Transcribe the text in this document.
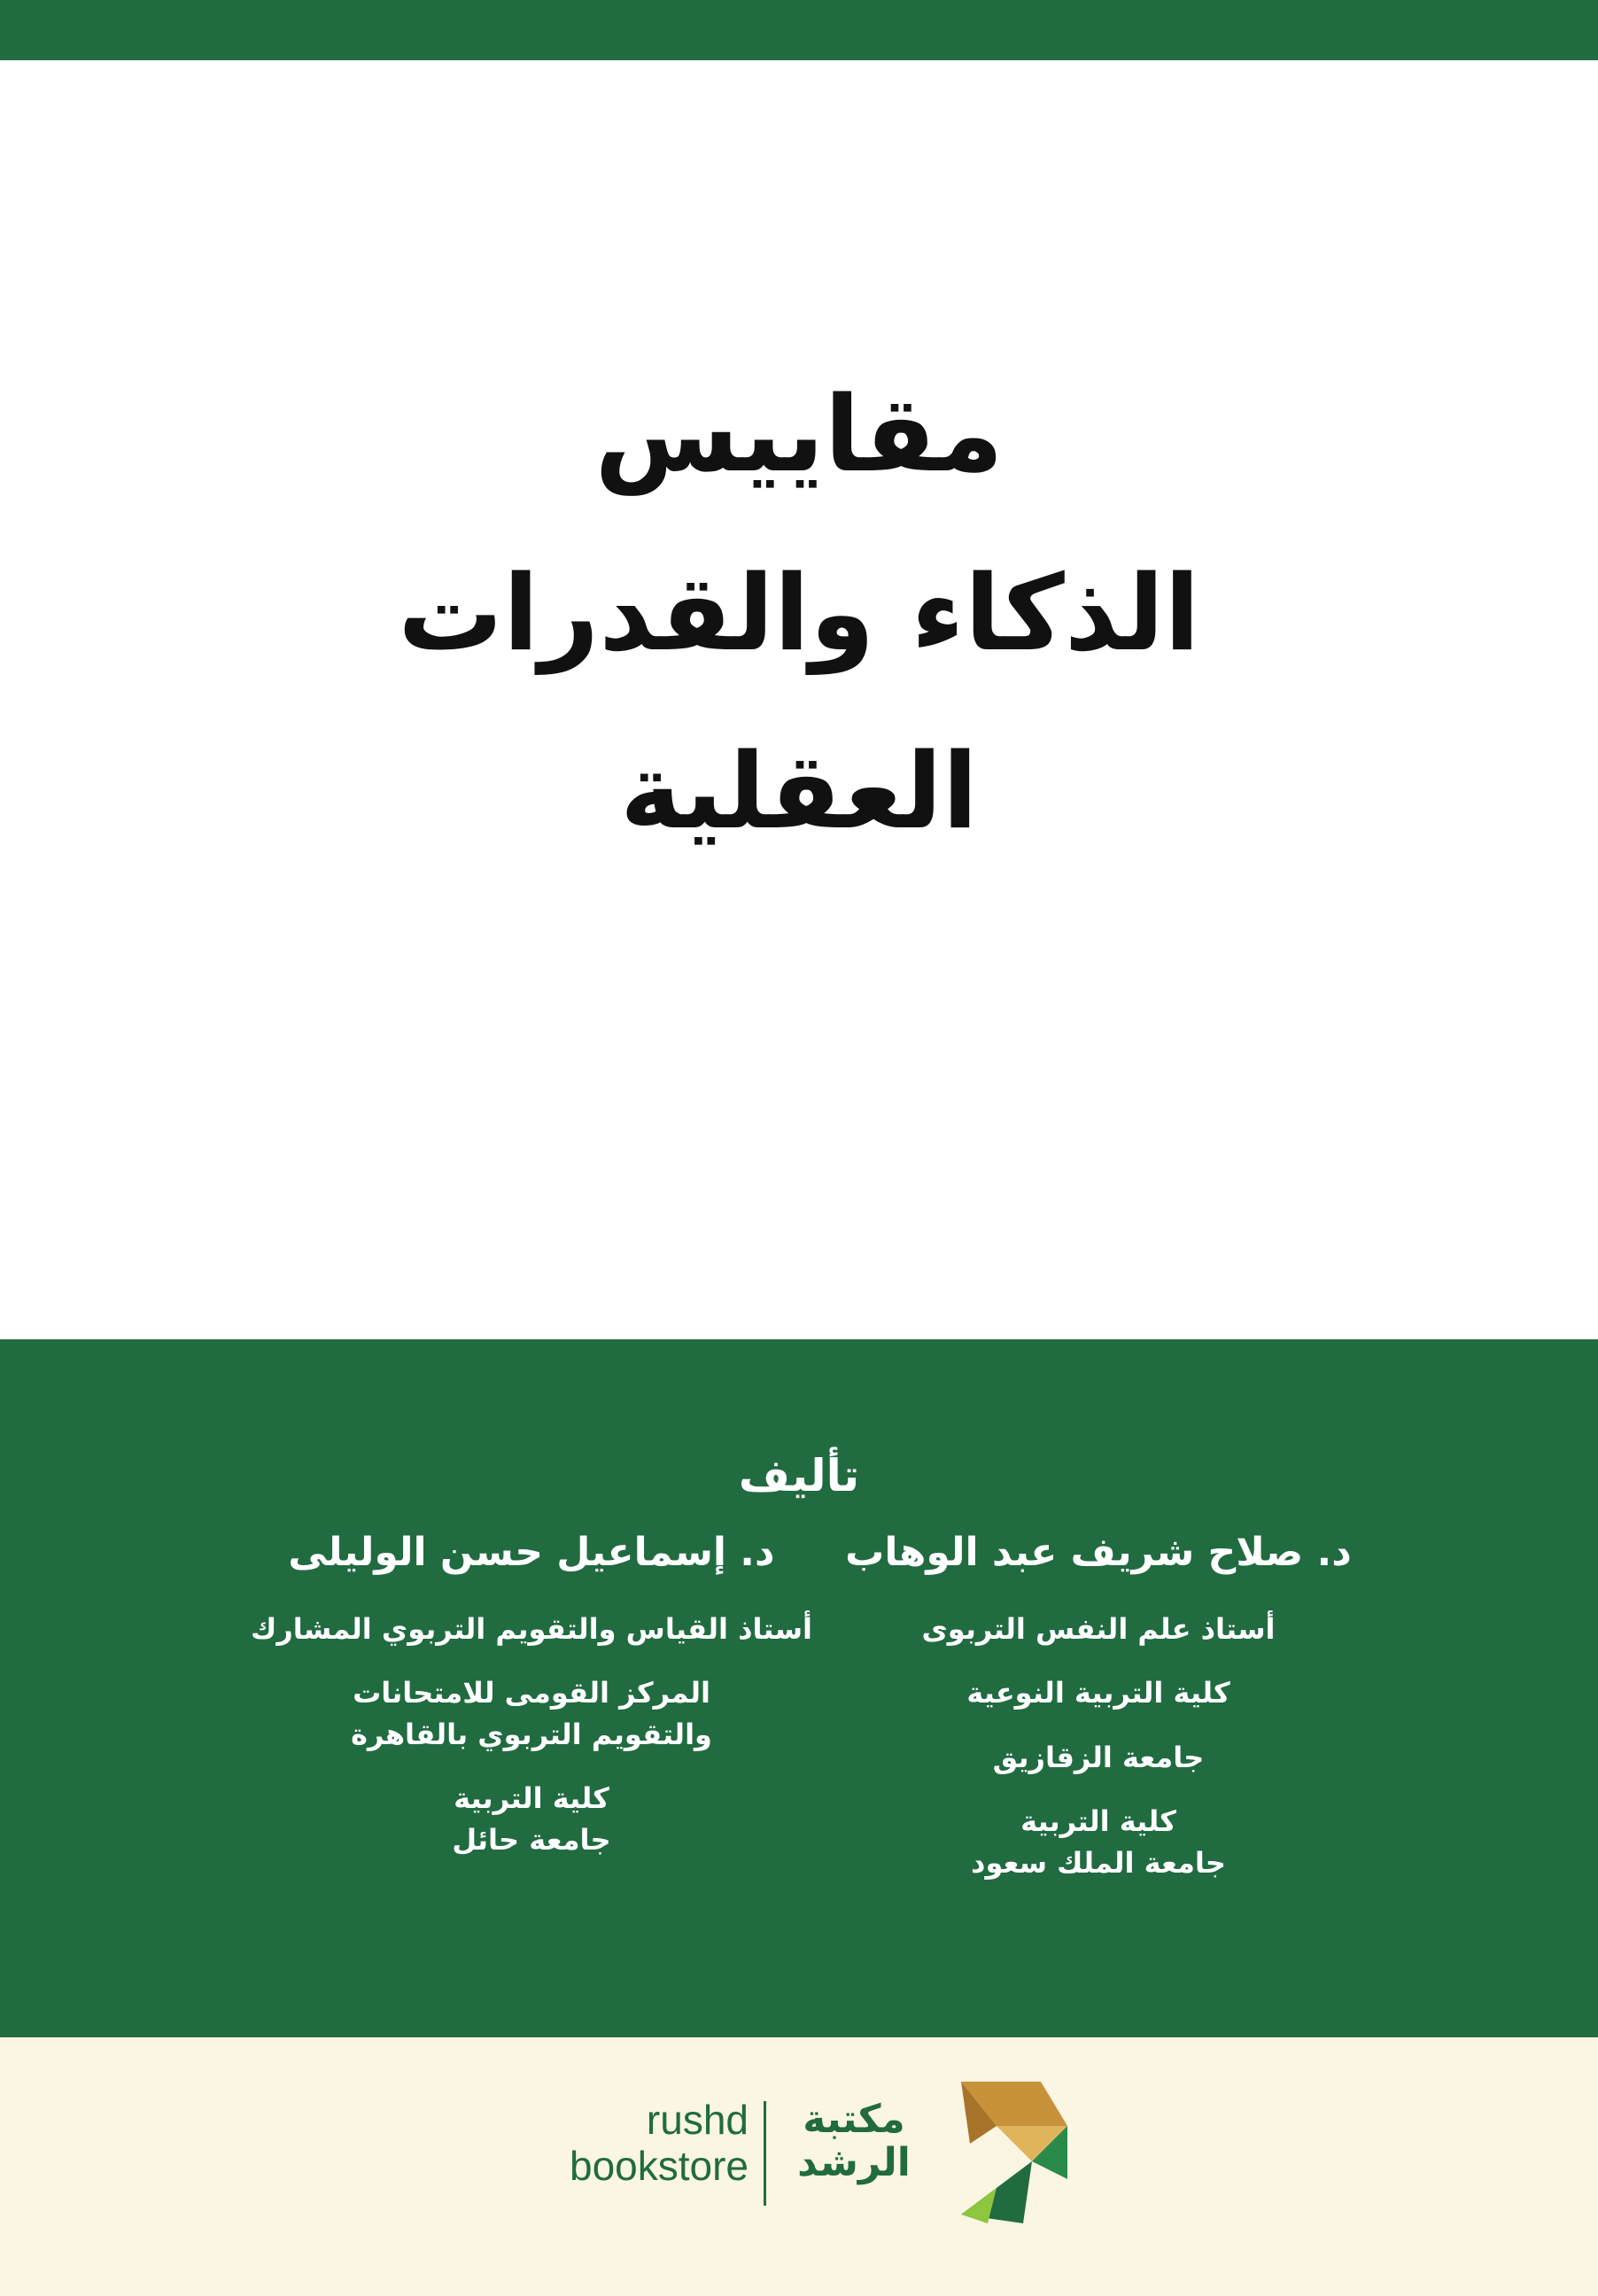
مقاييس
الذكاء والقدرات
العقلية
تأليف
د. صلاح شريف عبد الوهاب
أستاذ علم النفس التربوى
كلية التربية النوعية
جامعة الزقازيق
كلية التربية
جامعة الملك سعود
د. إسماعيل حسن الوليلى
أستاذ القياس والتقويم التربوي المشارك
المركز القومى للامتحانات
والتقويم التربوي بالقاهرة
كلية التربية
جامعة حائل
rushd
bookstore
مكتبة
الرشد
